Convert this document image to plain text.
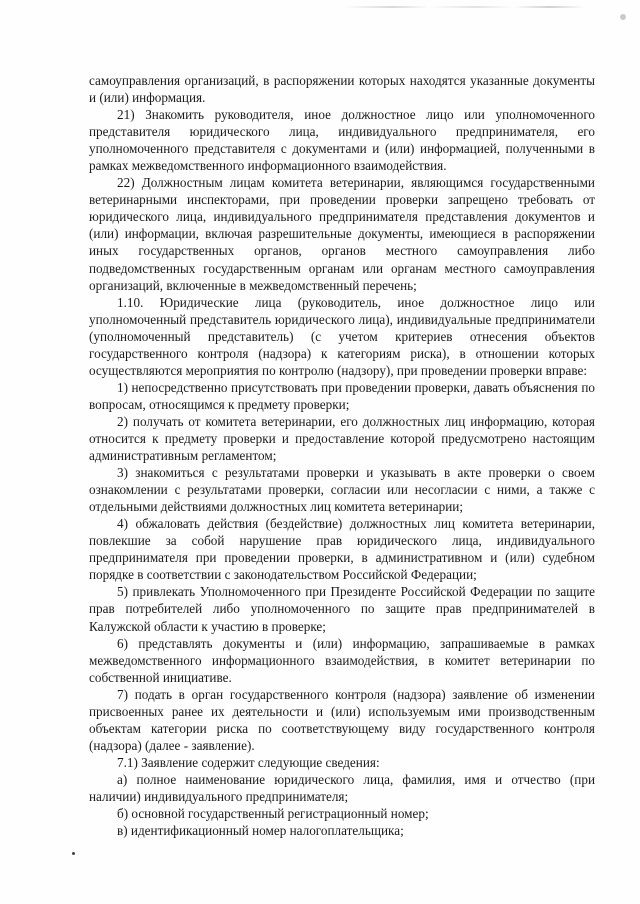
самоуправления организаций, в распоряжении которых находятся указанные документы и (или) информация.

21) Знакомить руководителя, иное должностное лицо или уполномоченного представителя юридического лица, индивидуального предпринимателя, его уполномоченного представителя с документами и (или) информацией, полученными в рамках межведомственного информационного взаимодействия.

22) Должностным лицам комитета ветеринарии, являющимся государственными ветеринарными инспекторами, при проведении проверки запрещено требовать от юридического лица, индивидуального предпринимателя представления документов и (или) информации, включая разрешительные документы, имеющиеся в распоряжении иных государственных органов, органов местного самоуправления либо подведомственных государственным органам или органам местного самоуправления организаций, включенные в межведомственный перечень;

1.10. Юридические лица (руководитель, иное должностное лицо или уполномоченный представитель юридического лица), индивидуальные предприниматели (уполномоченный представитель) (с учетом критериев отнесения объектов государственного контроля (надзора) к категориям риска), в отношении которых осуществляются мероприятия по контролю (надзору), при проведении проверки вправе:

1) непосредственно присутствовать при проведении проверки, давать объяснения по вопросам, относящимся к предмету проверки;

2) получать от комитета ветеринарии, его должностных лиц информацию, которая относится к предмету проверки и предоставление которой предусмотрено настоящим административным регламентом;

3) знакомиться с результатами проверки и указывать в акте проверки о своем ознакомлении с результатами проверки, согласии или несогласии с ними, а также с отдельными действиями должностных лиц комитета ветеринарии;

4) обжаловать действия (бездействие) должностных лиц комитета ветеринарии, повлекшие за собой нарушение прав юридического лица, индивидуального предпринимателя при проведении проверки, в административном и (или) судебном порядке в соответствии с законодательством Российской Федерации;

5) привлекать Уполномоченного при Президенте Российской Федерации по защите прав потребителей либо уполномоченного по защите прав предпринимателей в Калужской области к участию в проверке;

6) представлять документы и (или) информацию, запрашиваемые в рамках межведомственного информационного взаимодействия, в комитет ветеринарии по собственной инициативе.

7) подать в орган государственного контроля (надзора) заявление об изменении присвоенных ранее их деятельности и (или) используемым ими производственным объектам категории риска по соответствующему виду государственного контроля (надзора) (далее - заявление).

7.1) Заявление содержит следующие сведения:

а) полное наименование юридического лица, фамилия, имя и отчество (при наличии) индивидуального предпринимателя;

б) основной государственный регистрационный номер;

в) идентификационный номер налогоплательщика;
